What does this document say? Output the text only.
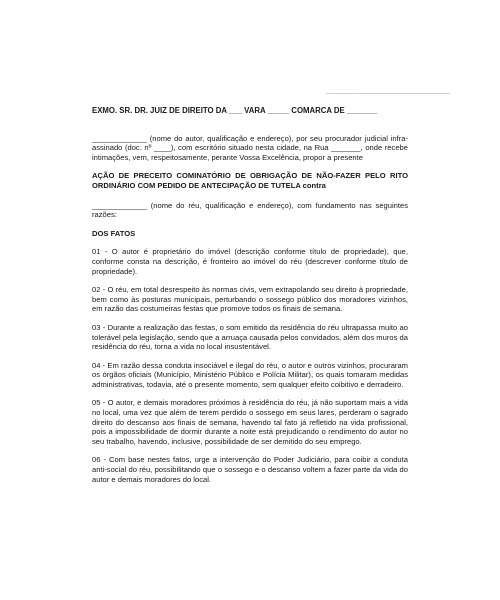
................

EXMO. SR. DR. JUIZ DE DIREITO DA ___ VARA _____ COMARCA DE _______

_____________ (nome do autor, qualificação e endereço), por seu procurador judicial infra-assinado (doc. nº ____), com escritório situado nesta cidade, na Rua _______, onde recebe intimações, vem, respeitosamente, perante Vossa Excelência, propor a presente

AÇÃO DE PRECEITO COMINATÓRIO DE OBRIGAÇÃO DE NÃO-FAZER PELO RITO ORDINÁRIO COM PEDIDO DE ANTECIPAÇÃO DE TUTELA contra

_____________ (nome do réu, qualificação e endereço), com fundamento nas seguintes razões:

DOS FATOS

01 - O autor é proprietário do imóvel (descrição conforme título de propriedade), que, conforme consta na descrição, é fronteiro ao imóvel do réu (descrever conforme título de propriedade).

02 - O réu, em total desrespeito às normas civis, vem extrapolando seu direito à propriedade, bem como às posturas municipais, perturbando o sossego público dos moradores vizinhos, em razão das costumeiras festas que promove todos os finais de semana.

03 - Durante a realização das festas, o som emitido da residência do réu ultrapassa muito ao tolerável pela legislação, sendo que a arruaça causada pelos convidados, além dos muros da residência do réu, torna a vida no local insustentável.

04 - Em razão dessa conduta insociável e ilegal do réu, o autor e outros vizinhos, procuraram os órgãos oficiais (Município, Ministério Público e Polícia Militar), os quais tomaram medidas administrativas, todavia, até o presente momento, sem qualquer efeito coibitivo e derradeiro.

05 - O autor, e demais moradores próximos à residência do réu, já não suportam mais a vida no local, uma vez que além de terem perdido o sossego em seus lares, perderam o sagrado direito do descanso aos finais de semana, havendo tal fato já refletido na vida profissional, pois a impossibilidade de dormir durante a noite está prejudicando o rendimento do autor no seu trabalho, havendo, inclusive, possibilidade de ser demitido do seu emprego.

06 - Com base nestes fatos, urge a intervenção do Poder Judiciário, para coibir a conduta anti-social do réu, possibilitando que o sossego e o descanso voltem a fazer parte da vida do autor e demais moradores do local.
